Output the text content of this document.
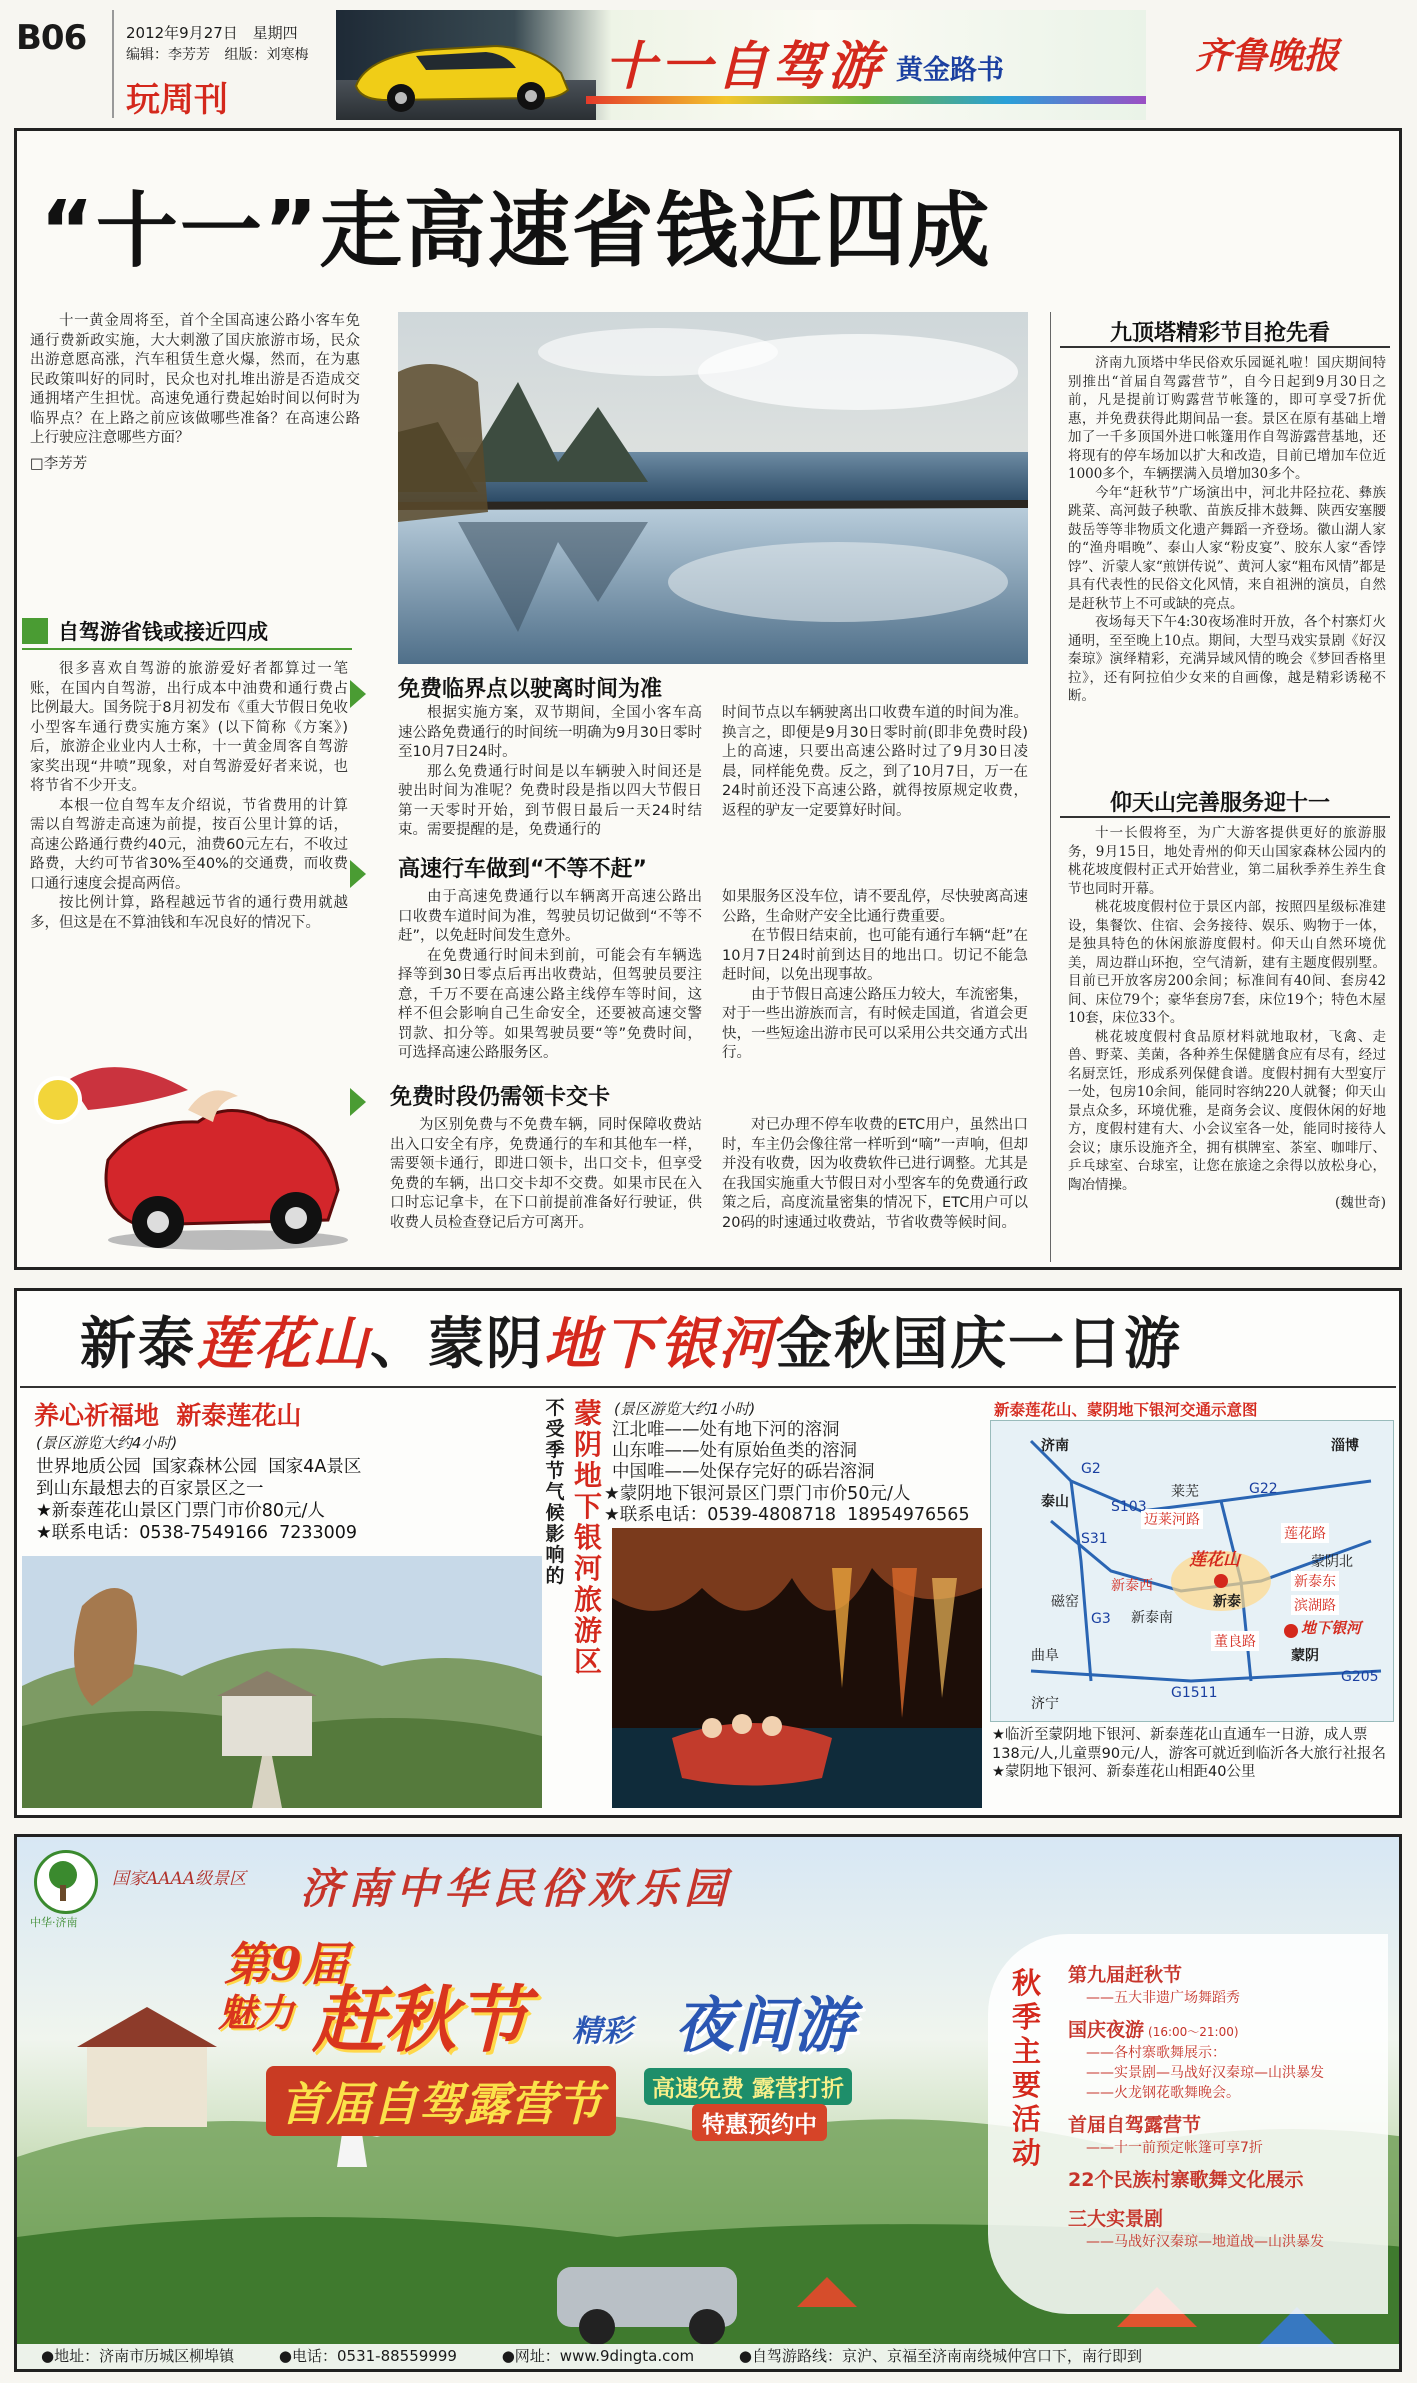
B06	2012年9月27日 星期四
编辑：李芳芳 组版：刘寒梅
玩周刊
十一自驾游 黄金路书	齐鲁晚报
“十一”走高速省钱近四成

十一黄金周将至，首个全国高速公路小客车免通行费新政实施，大大刺激了国庆旅游市场，民众出游意愿高涨，汽车租赁生意火爆，然而，在为惠民政策叫好的同时，民众也对扎堆出游是否造成交通拥堵产生担忧。高速免通行费起始时间以何时为临界点？在上路之前应该做哪些准备？在高速公路上行驶应注意哪些方面？

□李芳芳

自驾游省钱或接近四成

很多喜欢自驾游的旅游爱好者都算过一笔账，在国内自驾游，出行成本中油费和通行费占比例最大。国务院于8月初发布《重大节假日免收小型客车通行费实施方案》(以下简称《方案》)后，旅游企业业内人士称，十一黄金周客自驾游家奖出现“井喷”现象，对自驾游爱好者来说，也将节省不少开支。

本根一位自驾车友介绍说，节省费用的计算需以自驾游走高速为前提，按百公里计算的话，高速公路通行费约40元，油费60元左右，不收过路费，大约可节省30%至40%的交通费，而收费口通行速度会提高两倍。

按比例计算，路程越远节省的通行费用就越多，但这是在不算油钱和车况良好的情况下。

免费临界点以驶离时间为准

根据实施方案，双节期间，全国小客车高速公路免费通行的时间统一明确为9月30日零时至10月7日24时。

那么免费通行时间是以车辆驶入时间还是驶出时间为准呢？免费时段是指以四大节假日第一天零时开始，到节假日最后一天24时结束。需要提醒的是，免费通行的

时间节点以车辆驶离出口收费车道的时间为准。换言之，即便是9月30日零时前(即非免费时段)上的高速，只要出高速公路时过了9月30日凌晨，同样能免费。反之，到了10月7日，万一在24时前还没下高速公路，就得按原规定收费，返程的驴友一定要算好时间。

高速行车做到“不等不赶”

由于高速免费通行以车辆离开高速公路出口收费车道时间为准，驾驶员切记做到“不等不赶”，以免赶时间发生意外。

在免费通行时间未到前，可能会有车辆选择等到30日零点后再出收费站，但驾驶员要注意，千万不要在高速公路主线停车等时间，这样不但会影响自己生命安全，还要被高速交警罚款、扣分等。如果驾驶员要“等”免费时间，可选择高速公路服务区。

如果服务区没车位，请不要乱停，尽快驶离高速公路，生命财产安全比通行费重要。

在节假日结束前，也可能有通行车辆“赶”在10月7日24时前到达目的地出口。切记不能急赶时间，以免出现事故。

由于节假日高速公路压力较大，车流密集，对于一些出游族而言，有时候走国道，省道会更快，一些短途出游市民可以采用公共交通方式出行。

免费时段仍需领卡交卡

为区别免费与不免费车辆，同时保障收费站出入口安全有序，免费通行的车和其他车一样，需要领卡通行，即进口领卡，出口交卡，但享受免费的车辆，出口交卡却不交费。如果市民在入口时忘记拿卡，在下口前提前准备好行驶证，供收费人员检查登记后方可离开。

对已办理不停车收费的ETC用户，虽然出口时，车主仍会像往常一样听到“嘀”一声响，但却并没有收费，因为收费软件已进行调整。尤其是在我国实施重大节假日对小型客车的免费通行政策之后，高度流量密集的情况下，ETC用户可以20码的时速通过收费站，节省收费等候时间。

九顶塔精彩节目抢先看

济南九顶塔中华民俗欢乐园诞礼啦！国庆期间特别推出“首届自驾露营节”，自今日起到9月30日之前，凡是提前订购露营节帐篷的，即可享受7折优惠，并免费获得此期间品一套。景区在原有基础上增加了一千多顶国外进口帐篷用作自驾游露营基地，还将现有的停车场加以扩大和改造，目前已增加车位近1000多个，车辆摆满入员增加30多个。

今年“赶秋节”广场演出中，河北井陉拉花、彝族跳菜、高河鼓子秧歌、苗族反排木鼓舞、陕西安塞腰鼓岳等等非物质文化遗产舞蹈一齐登场。徽山湖人家的“渔舟唱晚”、泰山人家“粉皮宴”、胶东人家“香饽饽”、沂蒙人家“煎饼传说”、黄河人家“粗布风情”都是具有代表性的民俗文化风情，来自祖洲的演员，自然是赶秋节上不可或缺的亮点。

夜场每天下午4:30夜场准时开放，各个村寨灯火通明，至至晚上10点。期间，大型马戏实景剧《好汉秦琼》演绎精彩，充满异域风情的晚会《梦回香格里拉》，还有阿拉伯少女来的自画像，越是精彩诱秘不断。

仰天山完善服务迎十一

十一长假将至，为广大游客提供更好的旅游服务，9月15日，地处青州的仰天山国家森林公园内的桃花坡度假村正式开始营业，第二届秋季养生养生食节也同时开幕。

桃花坡度假村位于景区内部，按照四星级标准建设，集餐饮、住宿、会务接待、娱乐、购物于一体，是独具特色的休闲旅游度假村。仰天山自然环境优美，周边群山环抱，空气清新，建有主题度假别墅。目前已开放客房200余间；标准间有40间、套房42间、床位79个；豪华套房7套，床位19个；特色木屋10套，床位33个。

桃花坡度假村食品原材料就地取材，飞禽、走兽、野菜、美菌，各种养生保健膳食应有尽有，经过名厨烹饪，形成系列保健食谱。度假村拥有大型宴厅一处，包房10余间，能同时容纳220人就餐；仰天山景点众多，环境优雅，是商务会议、度假休闲的好地方，度假村建有大、小会议室各一处，能同时接待人会议；康乐设施齐全，拥有棋牌室、茶室、咖啡厅、乒乓球室、台球室，让您在旅途之余得以放松身心，陶冶情操。

(魏世奇)

新泰莲花山、蒙阴地下银河金秋国庆一日游
养心祈福地  新泰莲花山
(景区游览大约4小时)
世界地质公园  国家森林公园  国家4A景区
到山东最想去的百家景区之一
★新泰莲花山景区门票门市价80元/人
★联系电话：0538-7549166  7233009
不受季节气候影响的
蒙阴地下银河旅游区
(景区游览大约1小时)
江北唯——处有地下河的溶洞
山东唯——处有原始鱼类的溶洞
中国唯——处保存完好的砾岩溶洞
★蒙阴地下银河景区门票门市价50元/人
★联系电话：0539-4808718  18954976565
新泰莲花山、蒙阴地下银河交通示意图
济南	淄博
泰山
莱芜
新泰
蒙阴
曲阜
济宁
磁窑
新泰西	新泰东
迈莱河路
莲花路
滨湖路
蒙阴北
新泰南
董良路
G2
S31
G22
G205
G1511
S103
G3
莲花山
地下银河
★临沂至蒙阴地下银河、新泰莲花山直通车一日游，成人票138元/人,儿童票90元/人，游客可就近到临沂各大旅行社报名
★蒙阴地下银河、新泰莲花山相距40公里
中华·济南
国家AAAA级景区 济南中华民俗欢乐园
第9届
魅力 赶秋节 精彩 夜间游
首届自驾露营节	高速免费 露营打折
特惠预约中
秋季主要活动
第九届赶秋节
——五大非遗广场舞蹈秀
国庆夜游 (16:00～21:00)
——各村寨歌舞展示：
——实景剧—马战好汉秦琼—山洪暴发
——火龙钢花歌舞晚会。
首届自驾露营节
——十一前预定帐篷可享7折
22个民族村寨歌舞文化展示
三大实景剧
——马战好汉秦琼—地道战—山洪暴发
●地址：济南市历城区柳埠镇	●电话：0531-88559999	●网址：www.9dingta.com	●自驾游路线：京沪、京福至济南南绕城仲宫口下，南行即到
